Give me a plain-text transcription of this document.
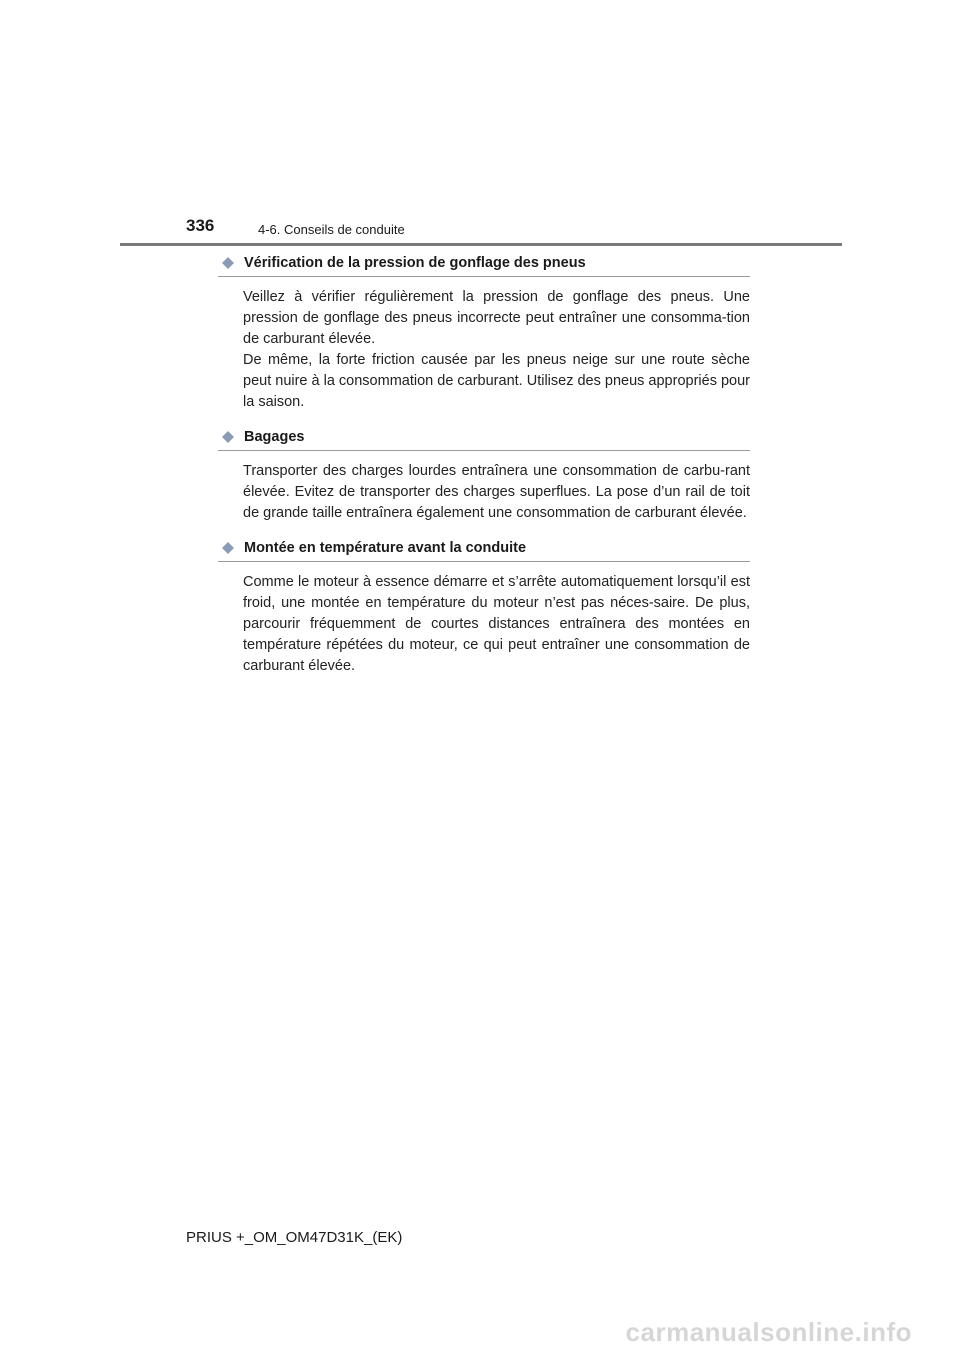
336	4-6. Conseils de conduite
Vérification de la pression de gonflage des pneus

Veillez à vérifier régulièrement la pression de gonflage des pneus. Une pression de gonflage des pneus incorrecte peut entraîner une consomma-tion de carburant élevée.

De même, la forte friction causée par les pneus neige sur une route sèche peut nuire à la consommation de carburant. Utilisez des pneus appropriés pour la saison.

Bagages

Transporter des charges lourdes entraînera une consommation de carbu-rant élevée. Evitez de transporter des charges superflues. La pose d’un rail de toit de grande taille entraînera également une consommation de carburant élevée.

Montée en température avant la conduite

Comme le moteur à essence démarre et s’arrête automatiquement lorsqu’il est froid, une montée en température du moteur n’est pas néces-saire. De plus, parcourir fréquemment de courtes distances entraînera des montées en température répétées du moteur, ce qui peut entraîner une consommation de carburant élevée.

PRIUS +_OM_OM47D31K_(EK)
carmanualsonline.info
